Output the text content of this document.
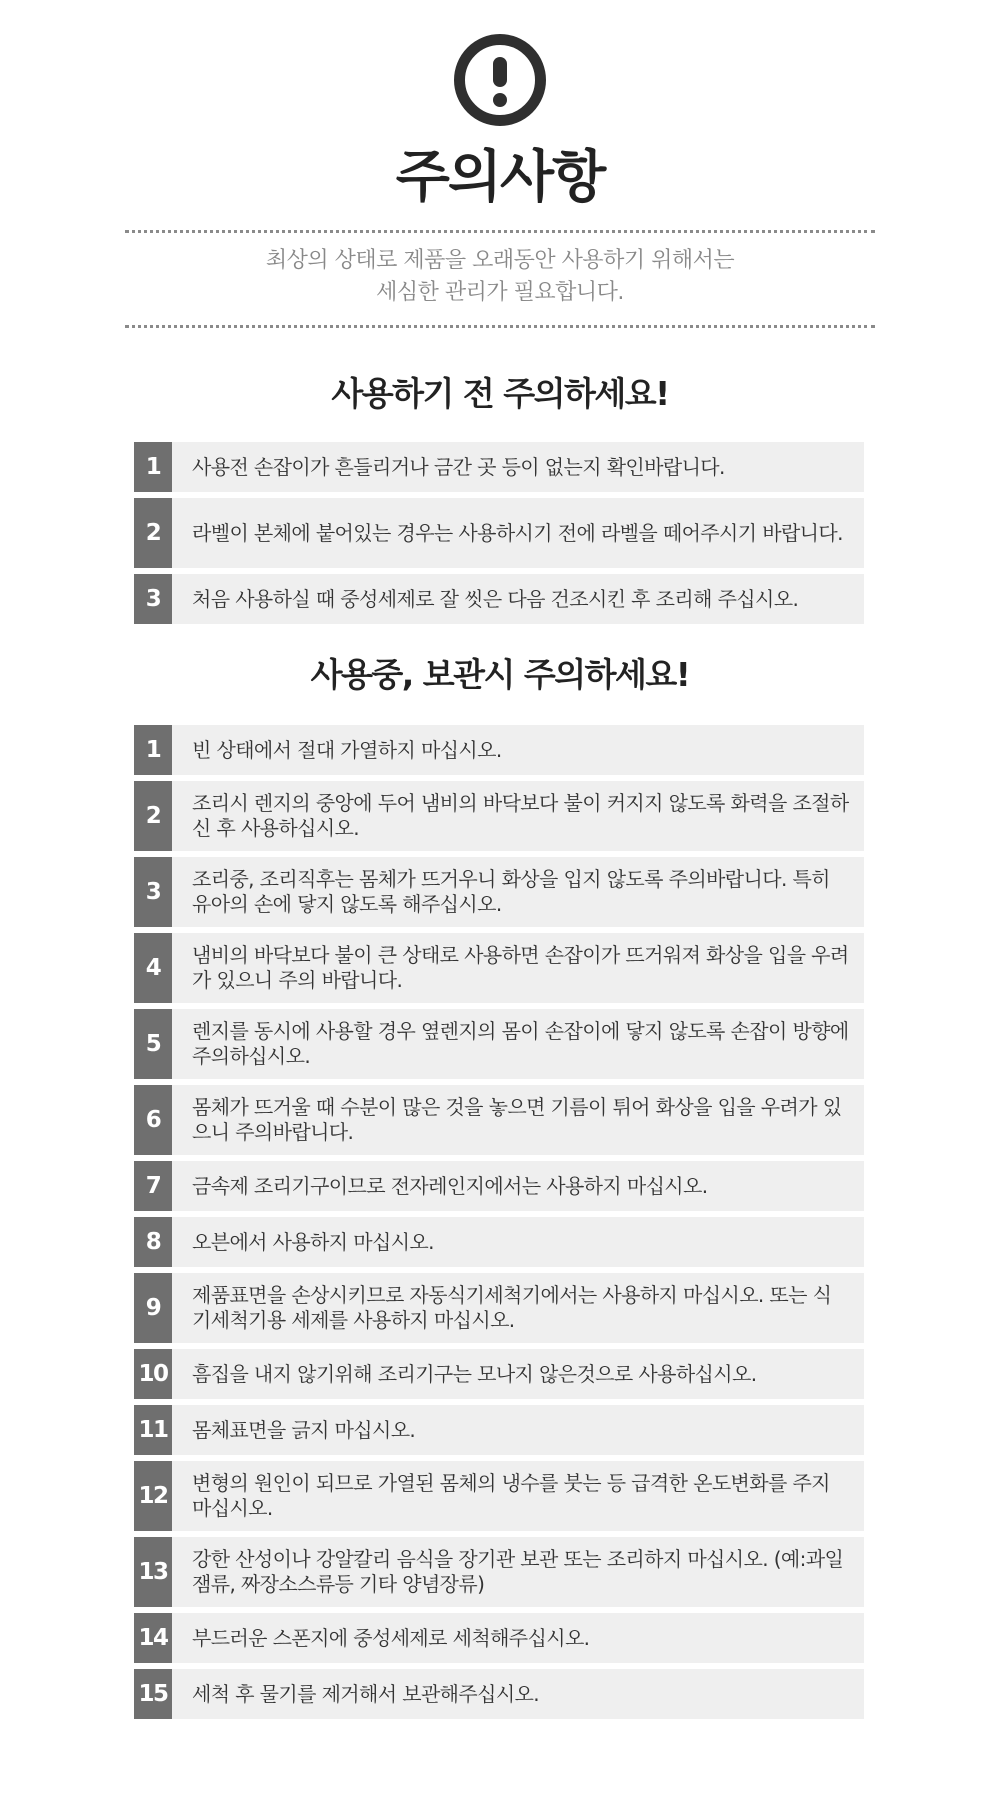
주의사항
최상의 상태로 제품을 오래동안 사용하기 위해서는
세심한 관리가 필요합니다.
사용하기 전 주의하세요!
1	사용전 손잡이가 흔들리거나 금간 곳 등이 없는지 확인바랍니다.
2	라벨이 본체에 붙어있는 경우는 사용하시기 전에 라벨을 떼어주시기 바랍니다.
3	처음 사용하실 때 중성세제로 잘 씻은 다음 건조시킨 후 조리해 주십시오.
사용중, 보관시 주의하세요!
1	빈 상태에서 절대 가열하지 마십시오.
2	조리시 렌지의 중앙에 두어 냄비의 바닥보다 불이 커지지 않도록 화력을 조절하신 후 사용하십시오.
3	조리중, 조리직후는 몸체가 뜨거우니 화상을 입지 않도록 주의바랍니다. 특히 유아의 손에 닿지 않도록 해주십시오.
4	냄비의 바닥보다 불이 큰 상태로 사용하면 손잡이가 뜨거워져 화상을 입을 우려가 있으니 주의 바랍니다.
5	렌지를 동시에 사용할 경우 옆렌지의 몸이 손잡이에 닿지 않도록 손잡이 방향에 주의하십시오.
6	몸체가 뜨거울 때 수분이 많은 것을 놓으면 기름이 튀어 화상을 입을 우려가 있으니 주의바랍니다.
7	금속제 조리기구이므로 전자레인지에서는 사용하지 마십시오.
8	오븐에서 사용하지 마십시오.
9	제품표면을 손상시키므로 자동식기세척기에서는 사용하지 마십시오. 또는 식기세척기용 세제를 사용하지 마십시오.
10	흠집을 내지 않기위해 조리기구는 모나지 않은것으로 사용하십시오.
11	몸체표면을 긁지 마십시오.
12	변형의 원인이 되므로 가열된 몸체의 냉수를 붓는 등 급격한 온도변화를 주지 마십시오.
13	강한 산성이나 강알칼리 음식을 장기관 보관 또는 조리하지 마십시오. (예:과일잼류, 짜장소스류등 기타 양념장류)
14	부드러운 스폰지에 중성세제로 세척해주십시오.
15	세척 후 물기를 제거해서 보관해주십시오.
